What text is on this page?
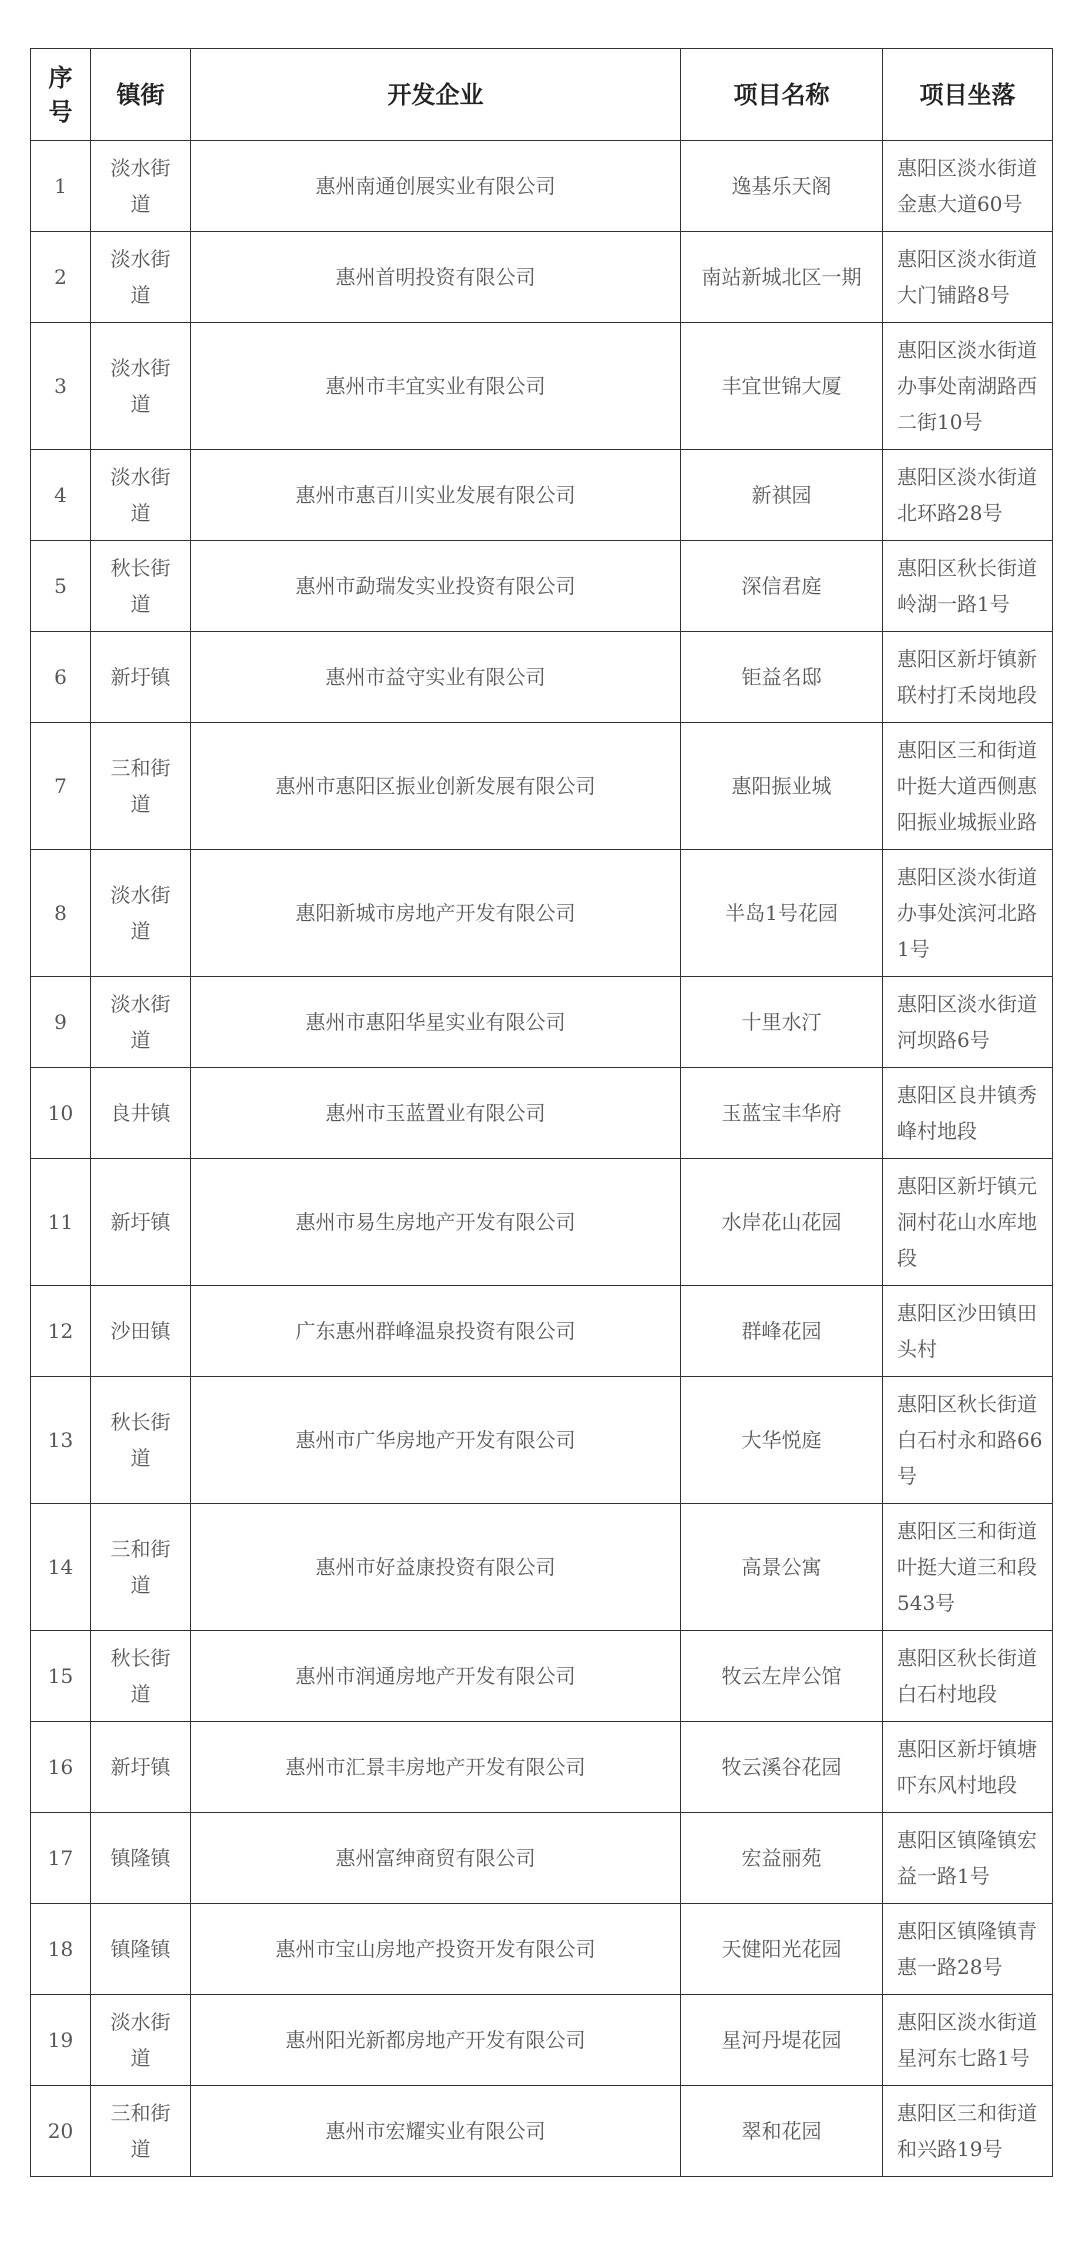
序号	镇街	开发企业	项目名称	项目坐落
1	淡水街道	惠州南通创展实业有限公司	逸基乐天阁	惠阳区淡水街道金惠大道60号
2	淡水街道	惠州首明投资有限公司	南站新城北区一期	惠阳区淡水街道大门铺路8号
3	淡水街道	惠州市丰宜实业有限公司	丰宜世锦大厦	惠阳区淡水街道办事处南湖路西二街10号
4	淡水街道	惠州市惠百川实业发展有限公司	新祺园	惠阳区淡水街道北环路28号
5	秋长街道	惠州市勐瑞发实业投资有限公司	深信君庭	惠阳区秋长街道岭湖一路1号
6	新圩镇	惠州市益守实业有限公司	钜益名邸	惠阳区新圩镇新联村打禾岗地段
7	三和街道	惠州市惠阳区振业创新发展有限公司	惠阳振业城	惠阳区三和街道叶挺大道西侧惠阳振业城振业路
8	淡水街道	惠阳新城市房地产开发有限公司	半岛1号花园	惠阳区淡水街道办事处滨河北路1号
9	淡水街道	惠州市惠阳华星实业有限公司	十里水汀	惠阳区淡水街道河坝路6号
10	良井镇	惠州市玉蓝置业有限公司	玉蓝宝丰华府	惠阳区良井镇秀峰村地段
11	新圩镇	惠州市易生房地产开发有限公司	水岸花山花园	惠阳区新圩镇元洞村花山水库地段
12	沙田镇	广东惠州群峰温泉投资有限公司	群峰花园	惠阳区沙田镇田头村
13	秋长街道	惠州市广华房地产开发有限公司	大华悦庭	惠阳区秋长街道白石村永和路66号
14	三和街道	惠州市好益康投资有限公司	高景公寓	惠阳区三和街道叶挺大道三和段543号
15	秋长街道	惠州市润通房地产开发有限公司	牧云左岸公馆	惠阳区秋长街道白石村地段
16	新圩镇	惠州市汇景丰房地产开发有限公司	牧云溪谷花园	惠阳区新圩镇塘吓东风村地段
17	镇隆镇	惠州富绅商贸有限公司	宏益丽苑	惠阳区镇隆镇宏益一路1号
18	镇隆镇	惠州市宝山房地产投资开发有限公司	天健阳光花园	惠阳区镇隆镇青惠一路28号
19	淡水街道	惠州阳光新都房地产开发有限公司	星河丹堤花园	惠阳区淡水街道星河东七路1号
20	三和街道	惠州市宏耀实业有限公司	翠和花园	惠阳区三和街道和兴路19号
